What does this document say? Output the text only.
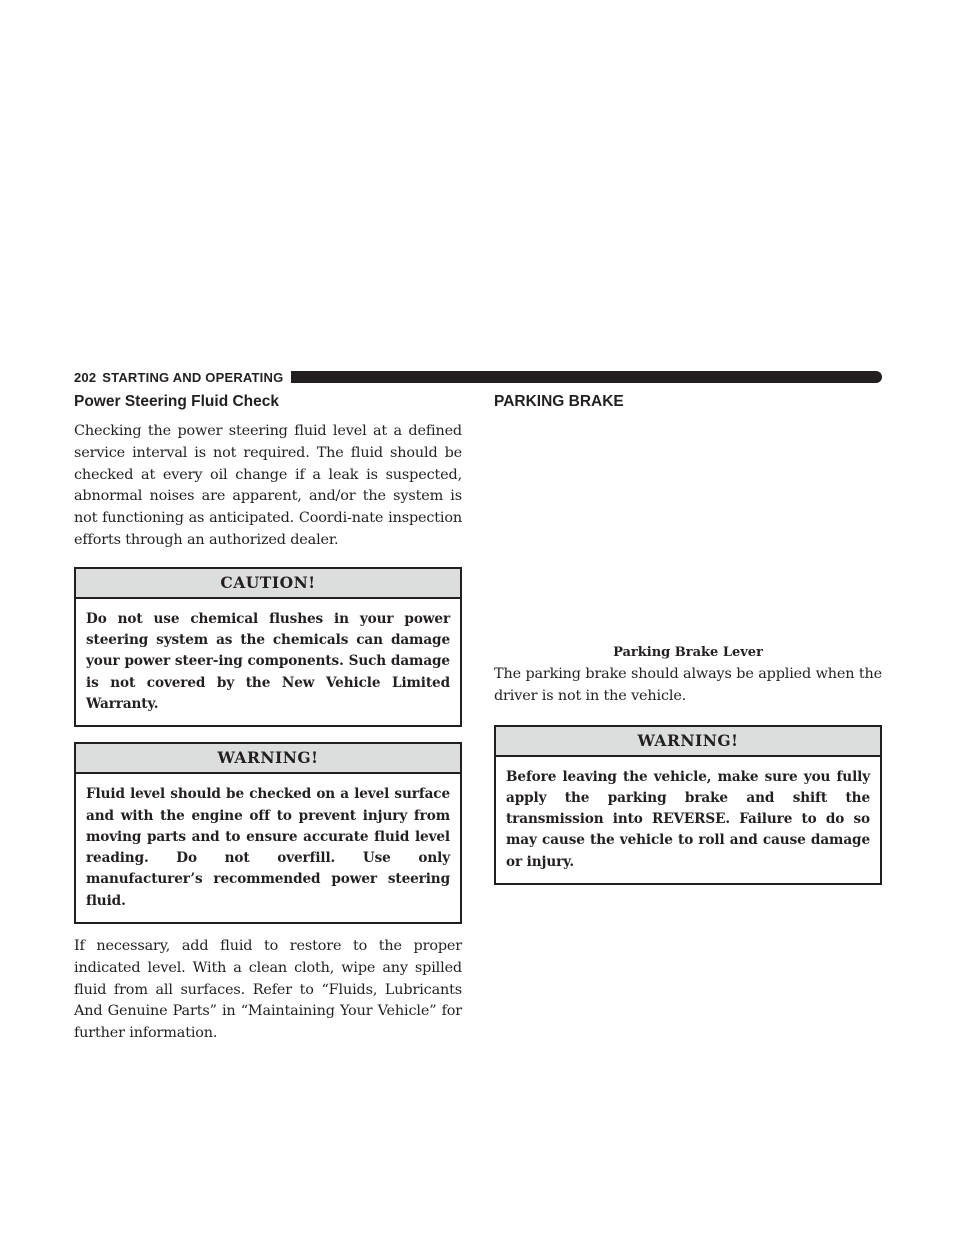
202 STARTING AND OPERATING
Power Steering Fluid Check

Checking the power steering fluid level at a defined service interval is not required. The fluid should be checked at every oil change if a leak is suspected, abnormal noises are apparent, and/or the system is not functioning as anticipated. Coordi-nate inspection efforts through an authorized dealer.

CAUTION!
Do not use chemical flushes in your power steering system as the chemicals can damage your power steer-ing components. Such damage is not covered by the New Vehicle Limited Warranty.
WARNING!
Fluid level should be checked on a level surface and with the engine off to prevent injury from moving parts and to ensure accurate fluid level reading. Do not overfill. Use only manufacturer’s recommended power steering fluid.

If necessary, add fluid to restore to the proper indicated level. With a clean cloth, wipe any spilled fluid from all surfaces. Refer to “Fluids, Lubricants And Genuine Parts” in “Maintaining Your Vehicle” for further information.

PARKING BRAKE

Parking Brake Lever

The parking brake should always be applied when the driver is not in the vehicle.

WARNING!
Before leaving the vehicle, make sure you fully apply the parking brake and shift the transmission into REVERSE. Failure to do so may cause the vehicle to roll and cause damage or injury.
